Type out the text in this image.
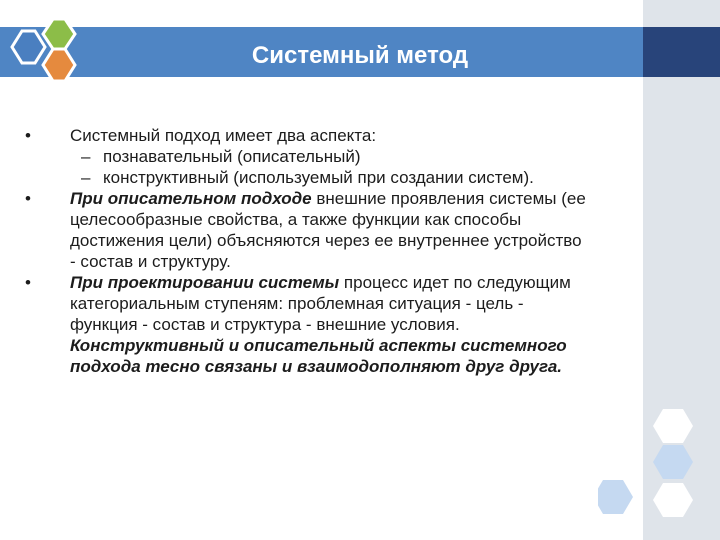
Системный метод
• Системный подход имеет два аспекта:
– познавательный (описательный)
– конструктивный (используемый при создании систем).
• При описательном подходе внешние проявления системы (ее
целесообразные свойства, а также функции как способы
достижения цели) объясняются через ее внутреннее устройство
- состав и структуру.
• При проектировании системы процесс идет по следующим
категориальным ступеням: проблемная ситуация - цель -
функция - состав и структура - внешние условия.
Конструктивный и описательный аспекты системного
подхода тесно связаны и взаимодополняют друг друга.
